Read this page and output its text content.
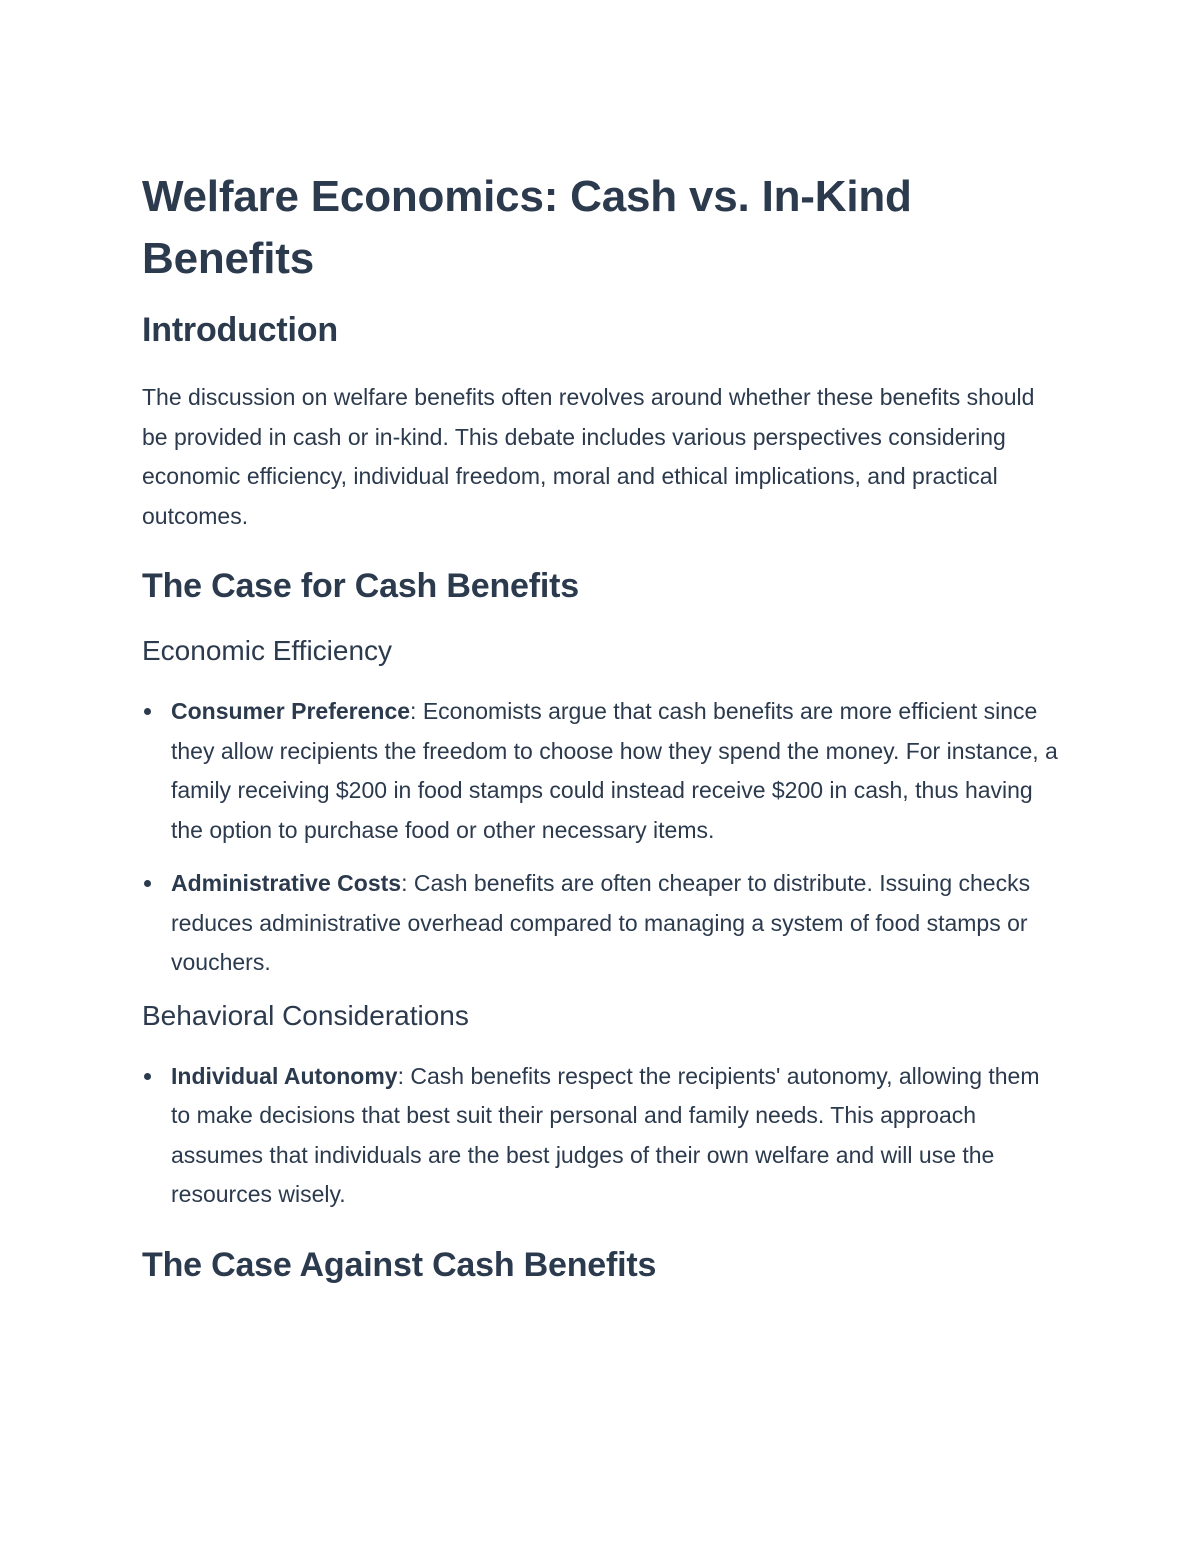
Welfare Economics: Cash vs. In-Kind Benefits
Introduction

The discussion on welfare benefits often revolves around whether these benefits should be provided in cash or in-kind. This debate includes various perspectives considering economic efficiency, individual freedom, moral and ethical implications, and practical outcomes.

The Case for Cash Benefits
Economic Efficiency
Consumer Preference: Economists argue that cash benefits are more efficient since they allow recipients the freedom to choose how they spend the money. For instance, a family receiving $200 in food stamps could instead receive $200 in cash, thus having the option to purchase food or other necessary items.
Administrative Costs: Cash benefits are often cheaper to distribute. Issuing checks reduces administrative overhead compared to managing a system of food stamps or vouchers.
Behavioral Considerations
Individual Autonomy: Cash benefits respect the recipients' autonomy, allowing them to make decisions that best suit their personal and family needs. This approach assumes that individuals are the best judges of their own welfare and will use the resources wisely.
The Case Against Cash Benefits
